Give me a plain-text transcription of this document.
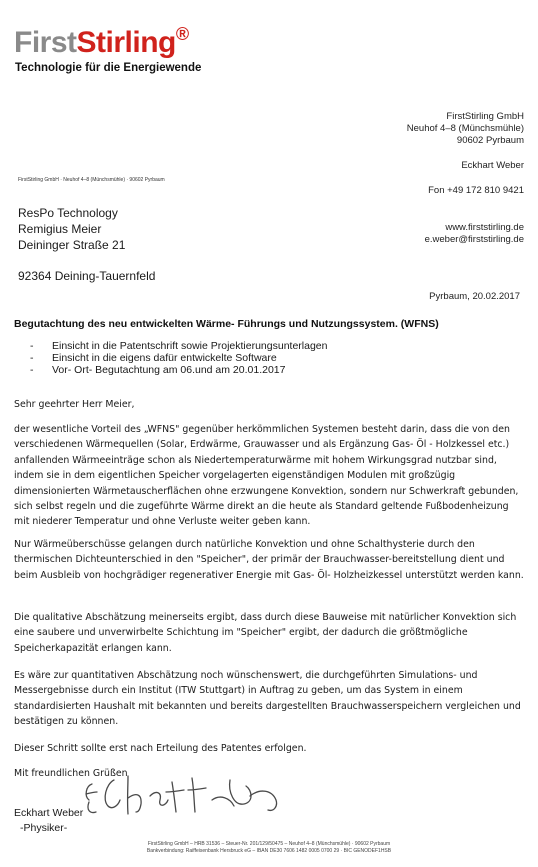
FirstStirling®
Technologie für die Energiewende
FirstStirling GmbH
Neuhof 4–8 (Münchsmühle)
90602 Pyrbaum
Eckhart Weber
Fon +49 172 810 9421
www.firststirling.de
e.weber@firststirling.de
FirstStirling GmbH · Neuhof 4–8 (Münchsmühle) · 90602 Pyrbaum
ResPo Technology
Remigius Meier
Deininger Straße 21
92364 Deining-Tauernfeld
Pyrbaum, 20.02.2017
Begutachtung des neu entwickelten Wärme- Führungs und Nutzungssystem. (WFNS)
- Einsicht in die Patentschrift sowie Projektierungsunterlagen
- Einsicht in die eigens dafür entwickelte Software
- Vor- Ort- Begutachtung am 06.und am 20.01.2017
Sehr geehrter Herr Meier,
der wesentliche Vorteil des „WFNS" gegenüber herkömmlichen Systemen besteht darin, dass die von den verschiedenen Wärmequellen (Solar, Erdwärme, Grauwasser und als Ergänzung Gas- Öl - Holzkessel etc.) anfallenden Wärmeeinträge schon als Niedertemperaturwärme mit hohem Wirkungsgrad nutzbar sind, indem sie in dem eigentlichen Speicher vorgelagerten eigenständigen Modulen mit großzügig dimensionierten Wärmetauscherflächen ohne erzwungene Konvektion, sondern nur Schwerkraft gebunden, sich selbst regeln und die zugeführte Wärme direkt an die heute als Standard geltende Fußbodenheizung mit niederer Temperatur und ohne Verluste weiter geben kann.
Nur Wärmeüberschüsse gelangen durch natürliche Konvektion und ohne Schalthysterie durch den thermischen Dichteunterschied in den "Speicher", der primär der Brauchwasser-bereitstellung dient und beim Ausbleib von hochgrädiger regenerativer Energie mit Gas- Öl- Holzheizkessel unterstützt werden kann.
Die qualitative Abschätzung meinerseits ergibt, dass durch diese Bauweise mit natürlicher Konvektion sich eine saubere und unverwirbelte Schichtung im "Speicher" ergibt, der dadurch die größtmögliche Speicherkapazität erlangen kann.
Es wäre zur quantitativen Abschätzung noch wünschenswert, die durchgeführten Simulations- und Messergebnisse durch ein Institut (ITW Stuttgart) in Auftrag zu geben, um das System in einem standardisierten Haushalt mit bekannten und bereits dargestellten Brauchwasserspeichern vergleichen und bestätigen zu können.
Dieser Schritt sollte erst nach Erteilung des Patentes erfolgen.
Mit freundlichen Grüßen
Eckhart Weber
-Physiker-
FirstStirling GmbH – HRB 31536 – Steuer-Nr. 201/129/50475 – Neuhof 4–8 (Münchsmühle) · 90602 Pyrbaum
Bankverbindung: Raiffeisenbank Hersbruck eG – IBAN DE30 7606 1482 0005 0700 29 · BIC GENODEF1HSB
